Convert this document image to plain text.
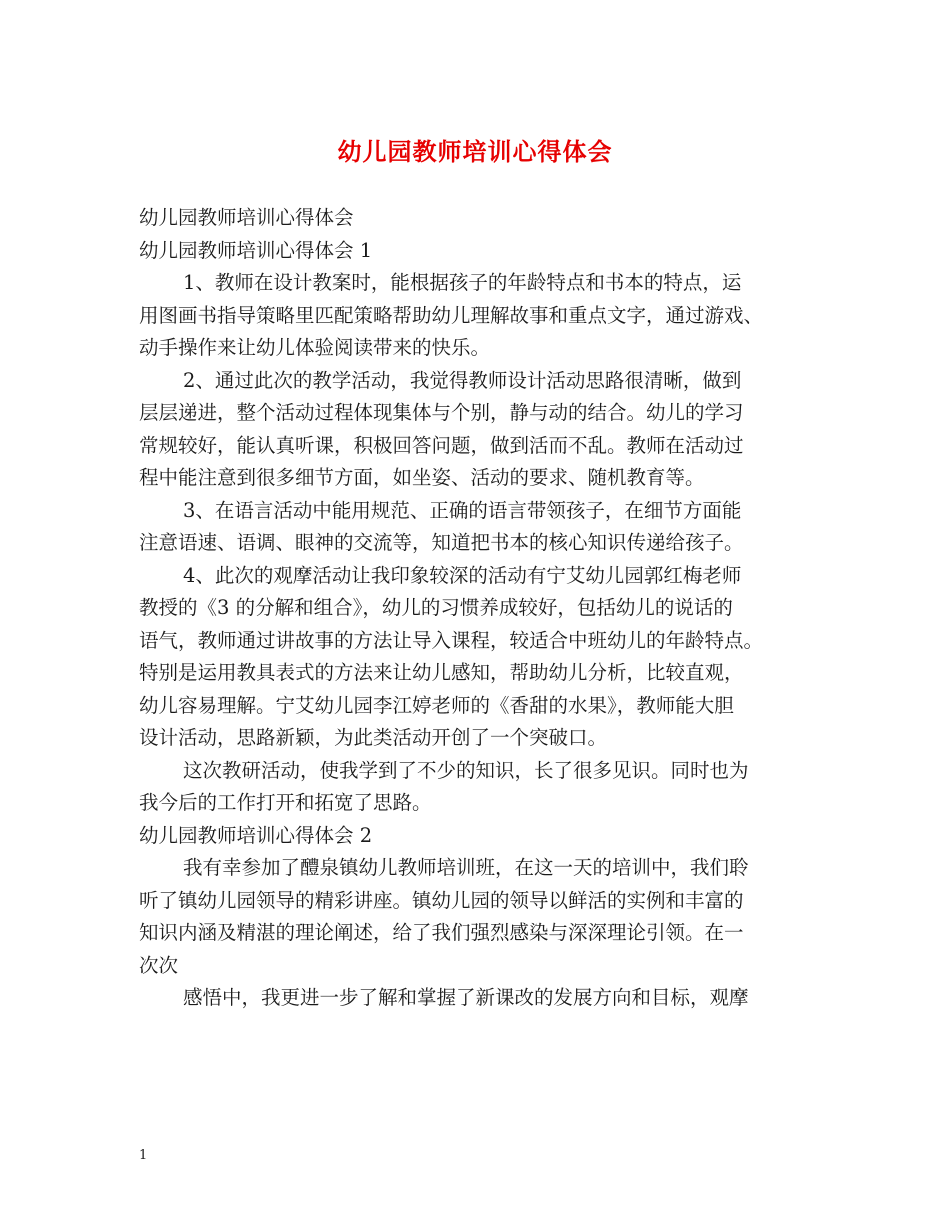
幼儿园教师培训心得体会
幼儿园教师培训心得体会
幼儿园教师培训心得体会 1
1、教师在设计教案时，能根据孩子的年龄特点和书本的特点，运
用图画书指导策略里匹配策略帮助幼儿理解故事和重点文字，通过游戏、
动手操作来让幼儿体验阅读带来的快乐。
2、通过此次的教学活动，我觉得教师设计活动思路很清晰，做到
层层递进，整个活动过程体现集体与个别，静与动的结合。幼儿的学习
常规较好，能认真听课，积极回答问题，做到活而不乱。教师在活动过
程中能注意到很多细节方面，如坐姿、活动的要求、随机教育等。
3、在语言活动中能用规范、正确的语言带领孩子，在细节方面能
注意语速、语调、眼神的交流等，知道把书本的核心知识传递给孩子。
4、此次的观摩活动让我印象较深的活动有宁艾幼儿园郭红梅老师
教授的《3 的分解和组合》，幼儿的习惯养成较好，包括幼儿的说话的
语气，教师通过讲故事的方法让导入课程，较适合中班幼儿的年龄特点。
特别是运用教具表式的方法来让幼儿感知，帮助幼儿分析，比较直观，
幼儿容易理解。宁艾幼儿园李江婷老师的《香甜的水果》，教师能大胆
设计活动，思路新颖，为此类活动开创了一个突破口。
这次教研活动，使我学到了不少的知识，长了很多见识。同时也为
我今后的工作打开和拓宽了思路。
幼儿园教师培训心得体会 2
我有幸参加了醴泉镇幼儿教师培训班，在这一天的培训中，我们聆
听了镇幼儿园领导的精彩讲座。镇幼儿园的领导以鲜活的实例和丰富的
知识内涵及精湛的理论阐述，给了我们强烈感染与深深理论引领。在一
次次
感悟中，我更进一步了解和掌握了新课改的发展方向和目标，观摩
1
